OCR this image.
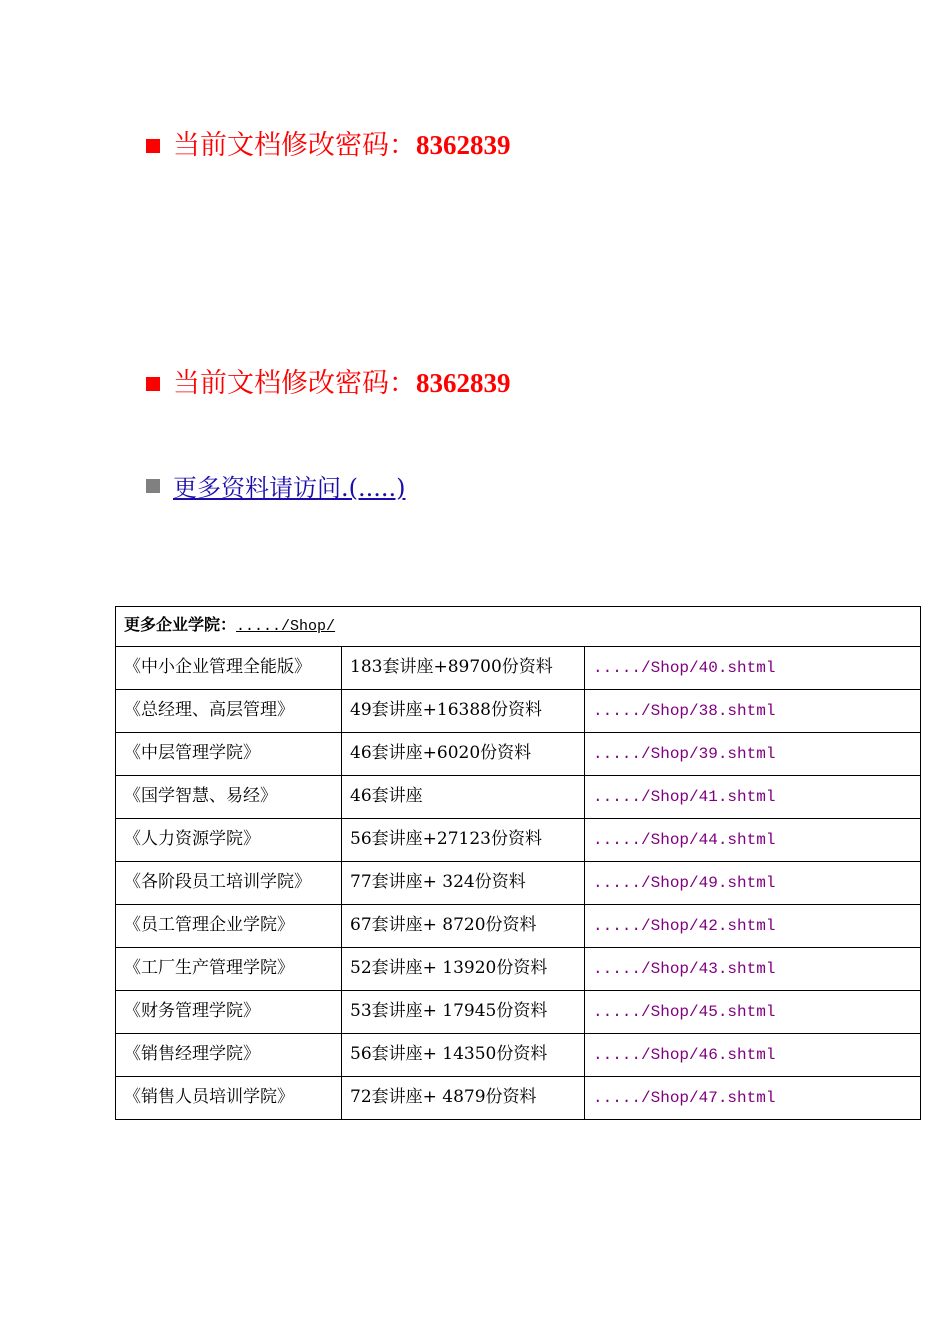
当前文档修改密码：8362839
当前文档修改密码：8362839
更多资料请访问.(.....)
更多企业学院：...../Shop/		
《中小企业管理全能版》	183套讲座+89700份资料	...../Shop/40.shtml
《总经理、高层管理》	49套讲座+16388份资料	...../Shop/38.shtml
《中层管理学院》	46套讲座+6020份资料	...../Shop/39.shtml
《国学智慧、易经》	46套讲座	...../Shop/41.shtml
《人力资源学院》	56套讲座+27123份资料	...../Shop/44.shtml
《各阶段员工培训学院》	77套讲座+ 324份资料	...../Shop/49.shtml
《员工管理企业学院》	67套讲座+ 8720份资料	...../Shop/42.shtml
《工厂生产管理学院》	52套讲座+ 13920份资料	...../Shop/43.shtml
《财务管理学院》	53套讲座+ 17945份资料	...../Shop/45.shtml
《销售经理学院》	56套讲座+ 14350份资料	...../Shop/46.shtml
《销售人员培训学院》	72套讲座+ 4879份资料	...../Shop/47.shtml
